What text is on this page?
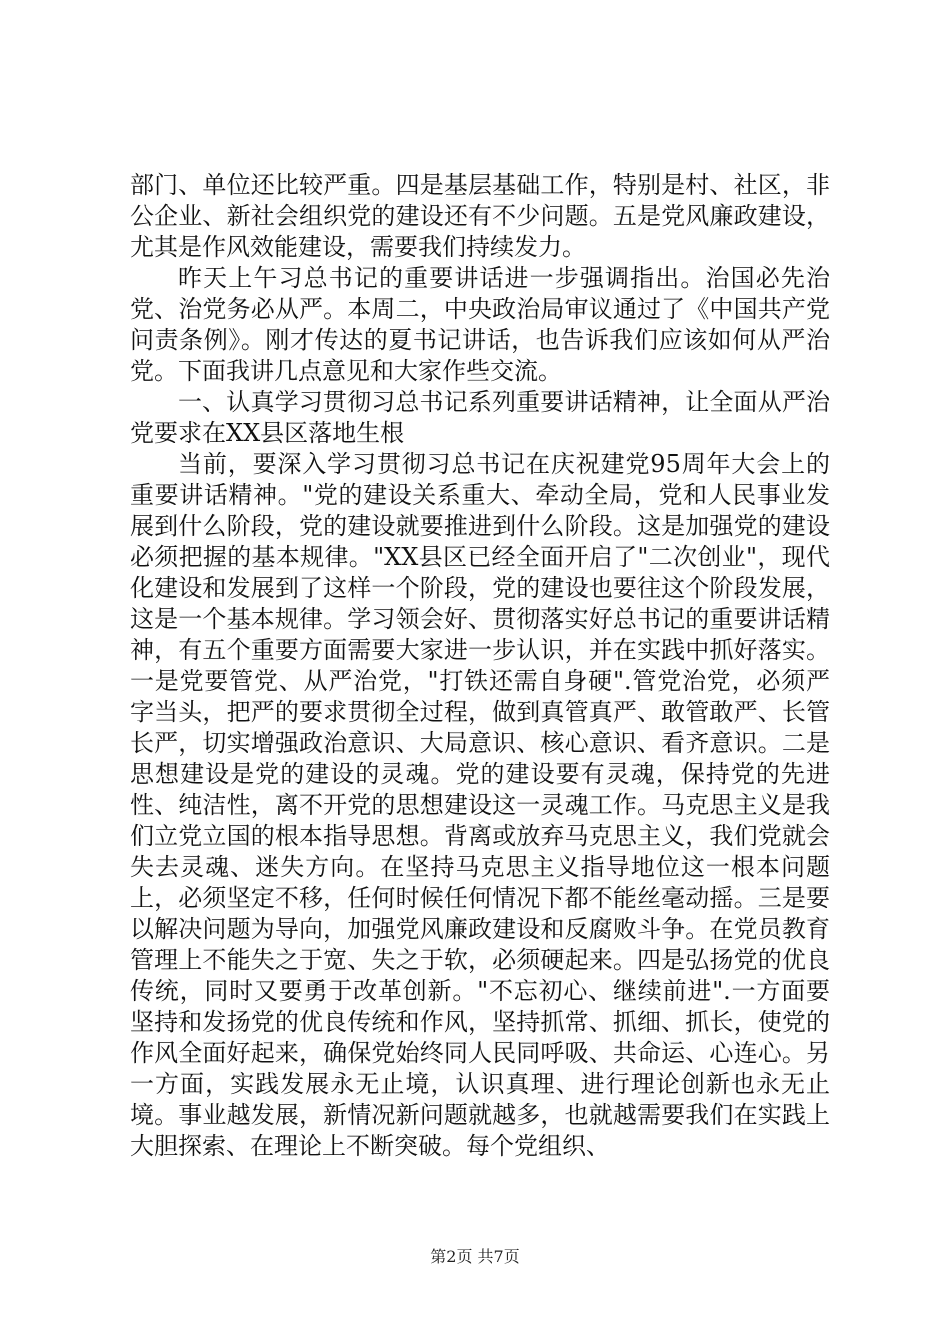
部门、单位还比较严重。四是基层基础工作，特别是村、社区，非公企业、新社会组织党的建设还有不少问题。五是党风廉政建设，尤其是作风效能建设，需要我们持续发力。

昨天上午习总书记的重要讲话进一步强调指出。治国必先治党、治党务必从严。本周二，中央政治局审议通过了《中国共产党问责条例》。刚才传达的夏书记讲话，也告诉我们应该如何从严治党。下面我讲几点意见和大家作些交流。

一、认真学习贯彻习总书记系列重要讲话精神，让全面从严治党要求在XX县区落地生根

当前，要深入学习贯彻习总书记在庆祝建党95周年大会上的重要讲话精神。"党的建设关系重大、牵动全局，党和人民事业发展到什么阶段，党的建设就要推进到什么阶段。这是加强党的建设必须把握的基本规律。"XX县区已经全面开启了"二次创业"，现代化建设和发展到了这样一个阶段，党的建设也要往这个阶段发展，这是一个基本规律。学习领会好、贯彻落实好总书记的重要讲话精神，有五个重要方面需要大家进一步认识，并在实践中抓好落实。一是党要管党、从严治党，"打铁还需自身硬".管党治党，必须严字当头，把严的要求贯彻全过程，做到真管真严、敢管敢严、长管长严，切实增强政治意识、大局意识、核心意识、看齐意识。二是思想建设是党的建设的灵魂。党的建设要有灵魂，保持党的先进性、纯洁性，离不开党的思想建设这一灵魂工作。马克思主义是我们立党立国的根本指导思想。背离或放弃马克思主义，我们党就会失去灵魂、迷失方向。在坚持马克思主义指导地位这一根本问题上，必须坚定不移，任何时候任何情况下都不能丝毫动摇。三是要以解决问题为导向，加强党风廉政建设和反腐败斗争。在党员教育管理上不能失之于宽、失之于软，必须硬起来。四是弘扬党的优良传统，同时又要勇于改革创新。"不忘初心、继续前进".一方面要坚持和发扬党的优良传统和作风，坚持抓常、抓细、抓长，使党的作风全面好起来，确保党始终同人民同呼吸、共命运、心连心。另一方面，实践发展永无止境，认识真理、进行理论创新也永无止境。事业越发展，新情况新问题就越多，也就越需要我们在实践上大胆探索、在理论上不断突破。每个党组织、

第2页 共7页
